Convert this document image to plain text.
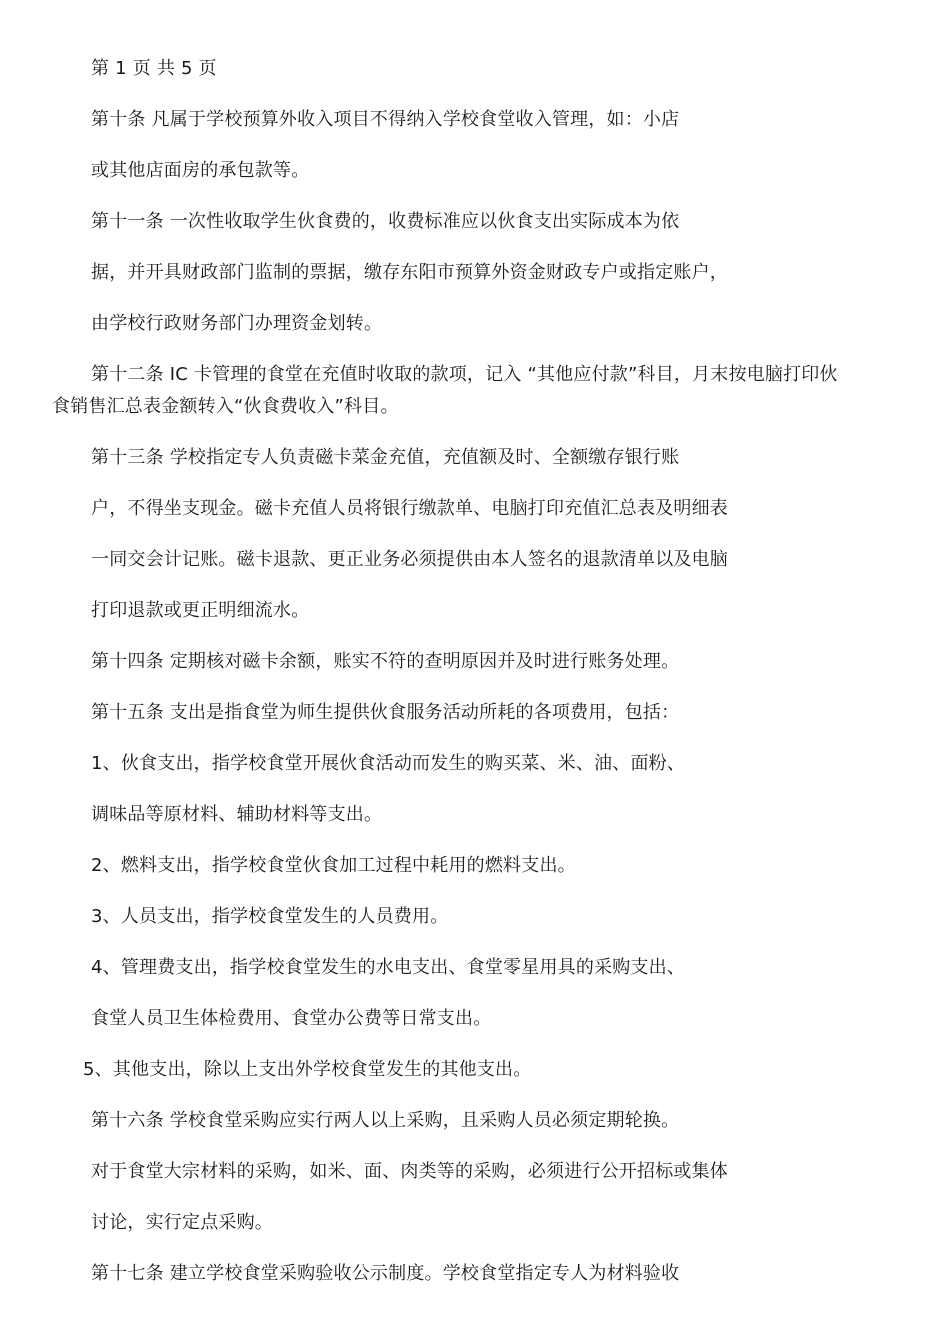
第 1 页 共 5 页
第十条 凡属于学校预算外收入项目不得纳入学校食堂收入管理，如：小店
或其他店面房的承包款等。
第十一条 一次性收取学生伙食费的，收费标准应以伙食支出实际成本为依
据，并开具财政部门监制的票据，缴存东阳市预算外资金财政专户或指定账户，
由学校行政财务部门办理资金划转。
第十二条 IC 卡管理的食堂在充值时收取的款项，记入 “其他应付款”科目，月末按电脑打印伙
食销售汇总表金额转入“伙食费收入”科目。
第十三条 学校指定专人负责磁卡菜金充值，充值额及时、全额缴存银行账
户，不得坐支现金。磁卡充值人员将银行缴款单、电脑打印充值汇总表及明细表
一同交会计记账。磁卡退款、更正业务必须提供由本人签名的退款清单以及电脑
打印退款或更正明细流水。
第十四条 定期核对磁卡余额，账实不符的查明原因并及时进行账务处理。
第十五条 支出是指食堂为师生提供伙食服务活动所耗的各项费用，包括：
1、伙食支出，指学校食堂开展伙食活动而发生的购买菜、米、油、面粉、
调味品等原材料、辅助材料等支出。
2、燃料支出，指学校食堂伙食加工过程中耗用的燃料支出。
3、人员支出，指学校食堂发生的人员费用。
4、管理费支出，指学校食堂发生的水电支出、食堂零星用具的采购支出、
食堂人员卫生体检费用、食堂办公费等日常支出。
5、其他支出，除以上支出外学校食堂发生的其他支出。
第十六条 学校食堂采购应实行两人以上采购，且采购人员必须定期轮换。
对于食堂大宗材料的采购，如米、面、肉类等的采购，必须进行公开招标或集体
讨论，实行定点采购。
第十七条 建立学校食堂采购验收公示制度。学校食堂指定专人为材料验收
